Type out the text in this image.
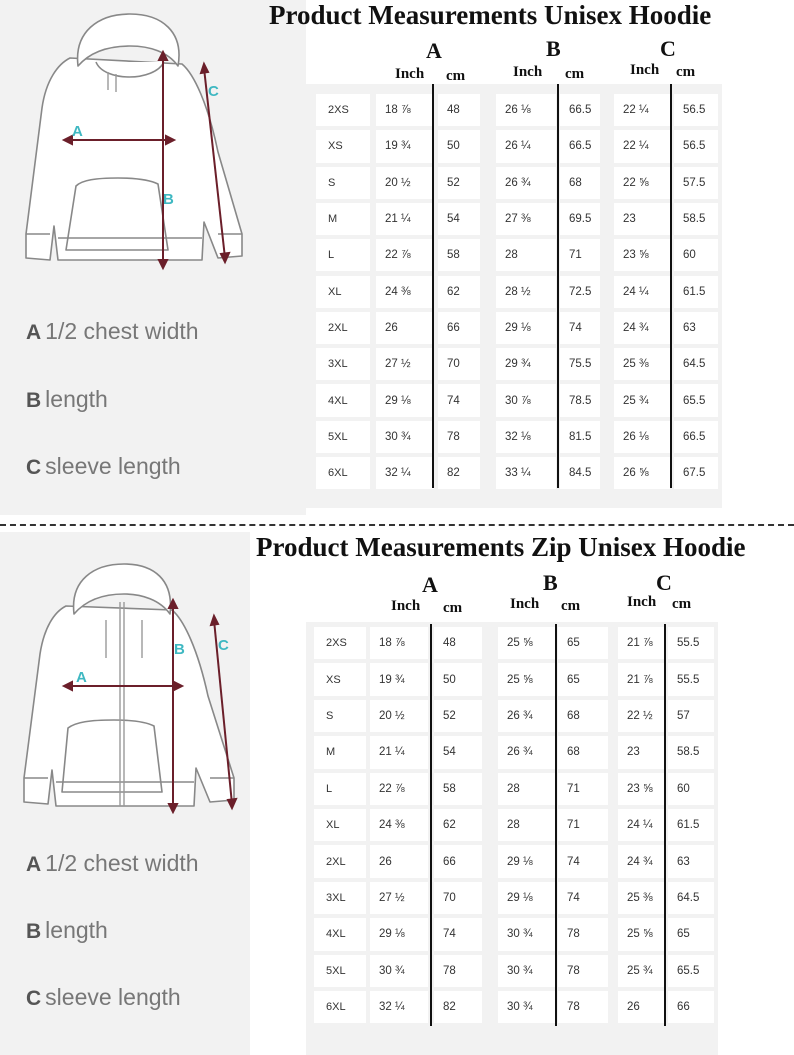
Product Measurements Unisex Hoodie
A
B
C
A 1/2 chest width
B length
C sleeve length
A	B	C
Inch cm	Inch cm	Inch cm
2XS	18 ⅞	48	26 ⅛	66.5	22 ¼	56.5
XS	19 ¾	50	26 ¼	66.5	22 ¼	56.5
S	20 ½	52	26 ¾	68	22 ⅝	57.5
M	21 ¼	54	27 ⅜	69.5	23	58.5
L	22 ⅞	58	28	71	23 ⅝	60
XL	24 ⅜	62	28 ½	72.5	24 ¼	61.5
2XL	26	66	29 ⅛	74	24 ¾	63
3XL	27 ½	70	29 ¾	75.5	25 ⅜	64.5
4XL	29 ⅛	74	30 ⅞	78.5	25 ¾	65.5
5XL	30 ¾	78	32 ⅛	81.5	26 ⅛	66.5
6XL	32 ¼	82	33 ¼	84.5	26 ⅝	67.5
Product Measurements Zip Unisex Hoodie
A
B C
A 1/2 chest width
B length
C sleeve length
A	B	C
Inch cm	Inch cm	Inch cm
2XS	18 ⅞	48	25 ⅝	65	21 ⅞	55.5
XS	19 ¾	50	25 ⅝	65	21 ⅞	55.5
S	20 ½	52	26 ¾	68	22 ½	57
M	21 ¼	54	26 ¾	68	23	58.5
L	22 ⅞	58	28	71	23 ⅝	60
XL	24 ⅜	62	28	71	24 ¼	61.5
2XL	26	66	29 ⅛	74	24 ¾	63
3XL	27 ½	70	29 ⅛	74	25 ⅜	64.5
4XL	29 ⅛	74	30 ¾	78	25 ⅝	65
5XL	30 ¾	78	30 ¾	78	25 ¾	65.5
6XL	32 ¼	82	30 ¾	78	26	66
